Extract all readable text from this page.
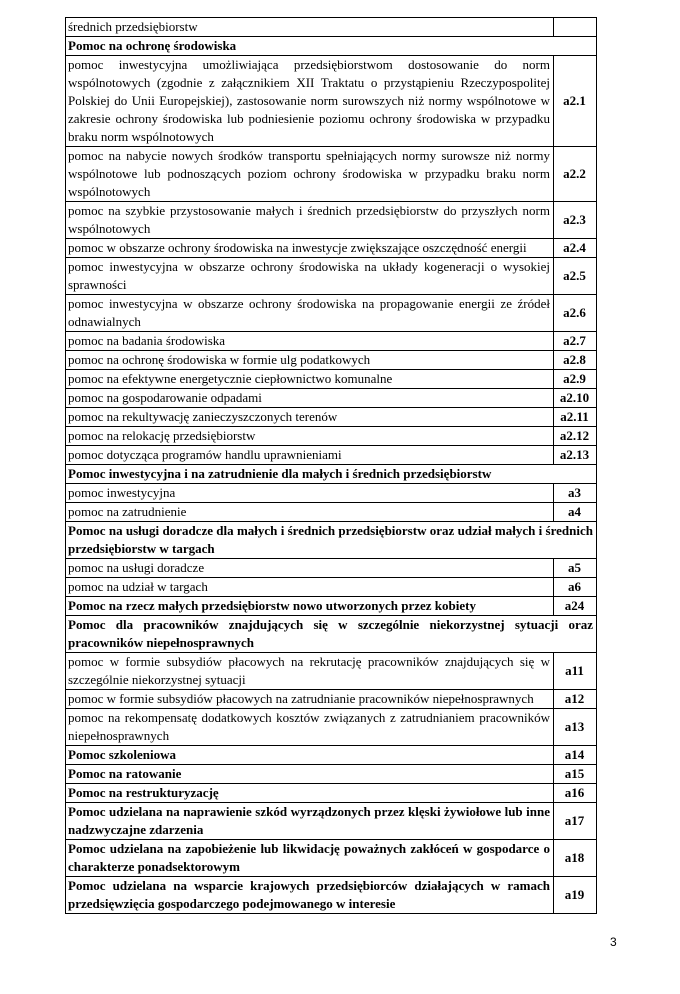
średnich przedsiębiorstw	
Pomoc na ochronę środowiska	
pomoc inwestycyjna umożliwiająca przedsiębiorstwom dostosowanie do norm wspólnotowych (zgodnie z załącznikiem XII Traktatu o przystąpieniu Rzeczypospolitej Polskiej do Unii Europejskiej), zastosowanie norm surowszych niż normy wspólnotowe w zakresie ochrony środowiska lub podniesienie poziomu ochrony środowiska w przypadku braku norm wspólnotowych	a2.1
pomoc na nabycie nowych środków transportu spełniających normy surowsze niż normy wspólnotowe lub podnoszących poziom ochrony środowiska w przypadku braku norm wspólnotowych	a2.2
pomoc na szybkie przystosowanie małych i średnich przedsiębiorstw do przyszłych norm wspólnotowych	a2.3
pomoc w obszarze ochrony środowiska na inwestycje zwiększające oszczędność energii	a2.4
pomoc inwestycyjna w obszarze ochrony środowiska na układy kogeneracji o wysokiej sprawności	a2.5
pomoc inwestycyjna w obszarze ochrony środowiska na propagowanie energii ze źródeł odnawialnych	a2.6
pomoc na badania środowiska	a2.7
pomoc na ochronę środowiska w formie ulg podatkowych	a2.8
pomoc na efektywne energetycznie ciepłownictwo komunalne	a2.9
pomoc na gospodarowanie odpadami	a2.10
pomoc na rekultywację zanieczyszczonych terenów	a2.11
pomoc na relokację przedsiębiorstw	a2.12
pomoc dotycząca programów handlu uprawnieniami	a2.13
Pomoc inwestycyjna i na zatrudnienie dla małych i średnich przedsiębiorstw	
pomoc inwestycyjna	a3
pomoc na zatrudnienie	a4
Pomoc na usługi doradcze dla małych i średnich przedsiębiorstw oraz udział małych i średnich przedsiębiorstw w targach	
pomoc na usługi doradcze	a5
pomoc na udział w targach	a6
Pomoc na rzecz małych przedsiębiorstw nowo utworzonych przez kobiety	a24
Pomoc dla pracowników znajdujących się w szczególnie niekorzystnej sytuacji oraz pracowników niepełnosprawnych	
pomoc w formie subsydiów płacowych na rekrutację pracowników znajdujących się w szczególnie niekorzystnej sytuacji	a11
pomoc w formie subsydiów płacowych na zatrudnianie pracowników niepełnosprawnych	a12
pomoc na rekompensatę dodatkowych kosztów związanych z zatrudnianiem pracowników niepełnosprawnych	a13
Pomoc szkoleniowa	a14
Pomoc na ratowanie	a15
Pomoc na restrukturyzację	a16
Pomoc udzielana na naprawienie szkód wyrządzonych przez klęski żywiołowe lub inne nadzwyczajne zdarzenia	a17
Pomoc udzielana na zapobieżenie lub likwidację poważnych zakłóceń w gospodarce o charakterze ponadsektorowym	a18
Pomoc udzielana na wsparcie krajowych przedsiębiorców działających w ramach przedsięwzięcia gospodarczego podejmowanego w interesie	a19
3
